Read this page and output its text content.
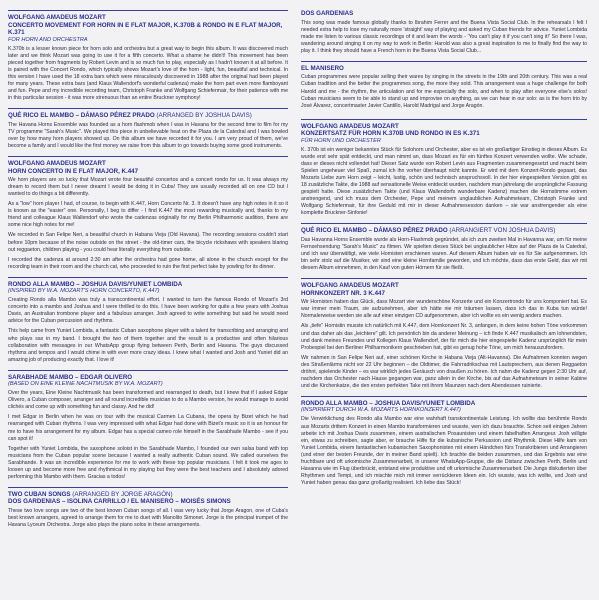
WOLFGANG AMADEUS MOZART
CONCERTO MOVEMENT FOR HORN IN E FLAT MAJOR, K.370B & RONDO IN E FLAT MAJOR, K.371
FOR HORN AND ORCHESTRA

K.370b is a lesser known piece for horn solo and orchestra but a great way to begin this album. It was discovered much later and we think Mozart was going to use it for a fifth concerto. What a shame he didn't! This movement has been pieced together from fragments by Robert Levin and is so much fun to play, especially as I hadn't known it at all before. It is paired with the Concert Rondo, which typically shows Mozart's love of the horn - light, fun, beautiful and technical. In this version I have used the 18 extra bars which were miraculously discovered in 1988 after the original had been played for many years. These extra bars (and Klaus Wallendorf's wonderful cadenza) make the horn part even more flamboyant and fun. Pepe and my incredible recording team, Christoph Franke and Wolfgang Schiefermair, for their patience with me in this particular session - it was more strenuous than an entire Bruckner symphony!

QUÉ RICO EL MAMBO – DÁMASO PÉREZ PRADO (ARRANGED BY JOSHUA DAVIS)

The Havana Horns Ensemble was founded as a horn flashmob when I was in Havana for the second time to film for my TV programme "Sarah's Music". We played this piece in unbelievable heat on the Plaza de la Catedral and I was bowled over by how many horn players showed up. On this album we have recorded it for you. I am very proud of them, we've become a family and I would like the first money we raise from this album to go towards buying some good instruments.

WOLFGANG AMADEUS MOZART
HORN CONCERTO IN E FLAT MAJOR, K.447

We horn players are so lucky that Mozart wrote four beautiful concertos and a concert rondo for us. It was always my dream to record them but I never dreamt I would be doing it in Cuba! They are usually recorded all on one CD but I wanted to do things a bit differently.

As a "low" horn player I had, of course, to begin with K.447, Horn Concerto Nr. 3. It doesn't have any high notes in it so it is known as the "easier" one. Personally, I beg to differ - I find K.447 the most rewarding musically and, thanks to my friend and colleague Klaus Wallendorf who wrote the cadenzas originally for my Berlin Philharmonic audition, there are some nice high notes for me!

We recorded in San Felipe Neri, a beautiful church in Habana Vieja (Old Havana). The recording sessions couldn't start before 10pm because of the noise outside on the street - the old-timer cars, the bicycle rickshaws with speakers blaring out reggaeton, children playing - you could hear literally everything from outside.

I recorded the cadenza at around 2:30 am after the orchestra had gone home, all alone in the church except for the recording team in their room and the church cat, who proceeded to ruin the first perfect take by yowling for its dinner.

RONDO ALLA MAMBO – JOSHUA DAVIS/YUNIET LOMBIDA
(INSPIRED BY W.A. MOZART'S HORN CONCERTO, K.447)

Creating Rondo alla Mambo was truly a transcontinental effort. I wanted to turn the famous Rondo of Mozart's 3rd concerto into a mambo and Joshua and I were thrilled to do this. I have been working for quite a few years with Joshua Davis, an Australian trombone player and a fabulous arranger. Josh agreed to write something but said he would need advice for the Cuban percussion and rhythms.

This help came from Yuniet Lombida, a fantastic Cuban saxophone player with a talent for transcribing and arranging and who plays sax in my band. I brought the two of them together and the result is a productive and often hilarious collaboration with messages in our WhatsApp group flying between Perth, Berlin and Havana. The guys discussed rhythms and tempos and I would chime in with ever more crazy ideas. I knew what I wanted and Josh and Yuniet did an amazing job of producing exactly that. I love it!

SARABHADE MAMBO – EDGAR OLIVERO
(BASED ON EINE KLEINE NACHTMUSIK BY W.A. MOZART)

Over the years, Eine Kleine Nachtmusik has been transformed and rearranged to death, but I knew that if I asked Edgar Olivero, a Cuban composer, arranger and all round incredible musician to do a Mambo version, he would manage to avoid clichés and come up with something fun and classy. And he did!

I met Edgar in Berlin when he was on tour with the musical Carmen La Cubana, the opera by Bizet which he had rearranged with Cuban rhythms. I was very impressed with what Edgar had done with Bizet's music so it is an honour for me to have his arrangement for my album. Edgar has a special cameo role himself in the Sarabhade Mambo - see if you can spot it!

Together with Yuniet Lombida, the saxophone soloist in the Sarabhade Mambo, I founded our own salsa band with top musicians from the Cuban popular scene because I wanted a really authentic Cuban sound. We called ourselves the Sarabhande. It was an incredible experience for me to work with these top popular musicians. I felt it took me ages to loosen up and become more free and rhythmical in my playing but they were the best teachers and I absolutely adored performing this Mambo with them. Gracias a todos!

TWO CUBAN SONGS (ARRANGED BY JORGE ARAGÓN)
DOS GARDENIAS – ISOLINA CARRILLO / EL MANISERO – MOISÉS SIMONS

These two love songs are two of the best known Cuban songs of all. I was very lucky that Jorge Aragon, one of Cuba's best known arrangers, agreed to arrange them for me to duet with Manolito Simonet. Jorge is the principal trumpet of the Havana Lyceum Orchestra. Jorge also plays the piano solos in these arrangements.

DOS GARDENIAS

This song was made famous globally thanks to Ibrahim Ferrer and the Buena Vista Social Club. In the rehearsals I felt I needed extra help to lose my naturally more 'straight' way of playing and asked my Cuban friends for advice. Yuniet Lombida made me listen to various classic recordings of it and learn the words - 'You can't play it if you can't sing it!' So there I was, wandering around singing it on my way to work in Berlin: Harold was also a great inspiration to me to finally find the way to play it. I think they should have a French horn in the Buena Vista Social Club...

EL MANISERO

Cuban programmes were popular selling their wares by singing in the streets in the 19th and 20th century. This was a real Cuban tradition and the better the programmes song, the more they sold. This arrangement was a huge challenge for both Harold and me - the rhythm, the articulation and for me especially the solo, and when to play after everyone else's solos! Cuban musicians seem to be able to stand up and improvise on anything, as we can hear in our solo: as is the horn trio by José Álvarez, concertmaster Javier Cantillo, Harold Madrigal and Jorge Aragón.

WOLFGANG AMADEUS MOZART
KONZERTSATZ FÜR HORN K.370B UND RONDO IN ES K.371
FÜR HORN UND ORCHESTER

K. 370b ist ein weniger bekanntes Stück für Solohorn und Orchester, aber es ist ein großartiger Einstieg in dieses Album. Es wurde erst sehr spät entdeckt, und man nimmt an, dass Mozart es für ein fünftes Konzert verwenden wollte. Wie schade, dass er dieses nicht vollendet hat! Dieser Satz wurde von Robert Levin aus Fragmenten zusammengesetzt und macht beim Spielen ungeheuer viel Spaß, zumal ich ihn vorher überhaupt nicht kannte. Er wird mit dem Konzert-Rondo gepaart, das Mozarts Liebe zum Horn zeigt – leicht, lustig, schön und technisch anspruchsvoll. In der hier eingespielten Version gibt es 18 zusätzliche Takte, die 1988 auf sensationelle Weise entdeckt wurden, nachdem man jahrelang die ursprüngliche Fassung gespielt hatte. Diese zusätzlichen Takte (und Klaus Wallendorfs wunderbare Kadenz) machen die Hornstimme extrem anstrengend, und ich muss dem Orchester, Pepe und meinem unglaublichen Aufnahmeteam, Christoph Franke und Wolfgang Schiefermair, für ihre Geduld mit mir in dieser Aufnahmesession danken – sie war anstrengender als eine komplette Bruckner-Sinfonie!

QUÉ RICO EL MAMBO – DÁMASO PÉREZ PRADO (ARRANGIERT VON JOSHUA DAVIS)

Das Havanna Horns Ensemble wurde als Horn-Flashmob gegründet, als ich zum zweiten Mal in Havanna war, um für meine Fernsehsendung "Sarah's Music" zu filmen. Wir spielten dieses Stück bei unglaublicher Hitze auf der Plaza de la Catedral, und ich war überwältigt, wie viele Hornisten erschienen waren. Auf diesem Album haben wir es für Sie aufgenommen. Ich bin sehr stolz auf die Musiker, wir sind eine kleine Hornfamilie geworden, und ich möchte, dass das erste Geld, das wir mit diesem Album einnehmen, in den Kauf von guten Hörnern für sie fließt.

WOLFGANG AMADEUS MOZART
HORNKONZERT NR. 3 K.447

Wir Hornisten haben das Glück, dass Mozart vier wunderschöne Konzerte und ein Konzertrondo für uns komponiert hat. Es war immer mein Traum, sie aufzunehmen, aber ich hätte nie mir träumen lassen, dass ich das in Kuba tun würde! Normalerweise werden sie alle auf einer einzigen CD aufgenommen, aber ich wollte es ein wenig anders machen.

Als „tiefe" Hornistin musste ich natürlich mit K.447, dem Hornkonzert Nr. 3, anfangen, in dem keine hohen Töne vorkommen und das daher als das „leichtere" gilt. Ich persönlich bin da anderer Meinung – ich finde K.447 musikalisch am lohnendsten, und dank meines Freundes und Kollegen Klaus Wallendorf, der für mich die hier eingespielte Kadenz ursprünglich für mein Probespiel bei den Berliner Philharmonikern geschrieben hat, gibt es genug hohe Töne, um mich herauszufordern.

Wir nahmen in San Felipe Neri auf, einer schönen Kirche in Habana Vieja (Alt-Havanna). Die Aufnahmen konnten wegen des Straßenlärms nicht vor 22 Uhr beginnen – die Oldtimer, die Fahrradrikschas mit Lautsprechern, aus denen Reggaeton dröhnt, spielende Kinder – es war wirklich jedes Geräusch von draußen zu hören. Ich nahm die Kadenz gegen 2:30 Uhr auf, nachdem das Orchester nach Hause gegangen war, ganz allein in der Kirche, bis auf das Aufnahmeteam in seiner Kabine und die Kirchenkatze, die den ersten perfekten Take mit ihrem Maunzen nach dem Abendessen ruinierte.

RONDO ALLA MAMBO – JOSHUA DAVIS/YUNIET LOMBIDA
(INSPIRIERT DURCH W.A. MOZARTS HORNKONZERT K.447)

Die Verwirklichung des Rondo alla Mambo war eine wahrhaft transkontinentale Leistung. Ich wollte das berühmte Rondo aus Mozarts drittem Konzert in einen Mambo transformieren und wusste, wen ich dazu brauchte. Schon seit einigen Jahren arbeite ich mit Joshua Davis zusammen, einem australischen Posaunisten und einem fabelhaften Arrangeur. Josh willigte ein, etwas zu schreiben, sagte aber, er brauche Hilfe für die kubanische Perkussion und Rhythmik. Diese Hilfe kam von Yuniet Lombida, einem fantastischen kubanischen Saxophonisten mit einem Händchen fürs Transkribieren und Arrangieren (und einer der besten Freunde, der in meiner Band spielt). Ich brachte die beiden zusammen, und das Ergebnis war eine fruchtbare und oft urkomische Zusammenarbeit, in unserer WhatsApp-Gruppe, die die Distanz zwischen Perth, Berlin und Havanna wie im Flug überbrückt, entstand eine produktive und oft urkomische Zusammenarbeit. Die Jungs diskutierten über Rhythmen und Tempi, und ich mischte mich mit immer verrückteren Ideen ein. Ich wusste, was ich wollte, und Josh und Yuniet haben genau das ganz großartig realisiert. Ich liebe das Stück!
